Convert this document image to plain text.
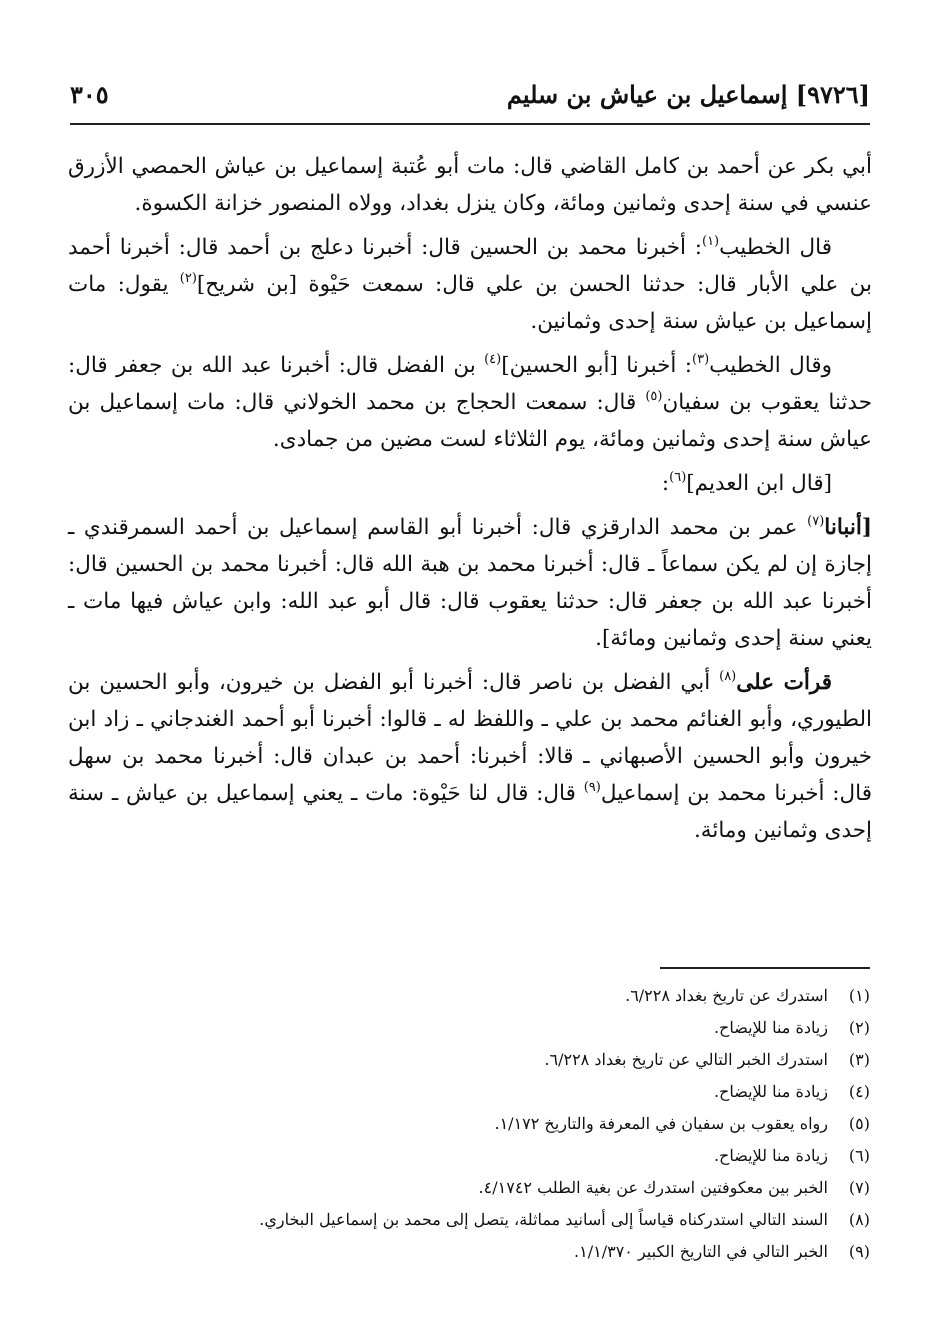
[٩٧٢٦] إسماعيل بن عياش بن سليم
٣٠٥

أبي بكر عن أحمد بن كامل القاضي قال: مات أبو عُتبة إسماعيل بن عياش الحمصي الأزرق عنسي في سنة إحدى وثمانين ومائة، وكان ينزل بغداد، وولاه المنصور خزانة الكسوة.

قال الخطيب$^{(١)}$: أخبرنا محمد بن الحسين قال: أخبرنا دعلج بن أحمد قال: أخبرنا أحمد بن علي الأبار قال: حدثنا الحسن بن علي قال: سمعت حَيْوة [بن شريح]$^{(٢)}$ يقول: مات إسماعيل بن عياش سنة إحدى وثمانين.

وقال الخطيب$^{(٣)}$: أخبرنا [أبو الحسين]$^{(٤)}$ بن الفضل قال: أخبرنا عبد الله بن جعفر قال: حدثنا يعقوب بن سفيان$^{(٥)}$ قال: سمعت الحجاج بن محمد الخولاني قال: مات إسماعيل بن عياش سنة إحدى وثمانين ومائة، يوم الثلاثاء لست مضين من جمادى.

[قال ابن العديم]$^{(٦)}$:

[أنبانا$^{(٧)}$ عمر بن محمد الدارقزي قال: أخبرنا أبو القاسم إسماعيل بن أحمد السمرقندي ـ إجازة إن لم يكن سماعاً ـ قال: أخبرنا محمد بن هبة الله قال: أخبرنا محمد بن الحسين قال: أخبرنا عبد الله بن جعفر قال: حدثنا يعقوب قال: قال أبو عبد الله: وابن عياش فيها مات ـ يعني سنة إحدى وثمانين ومائة].

قرأت على$^{(٨)}$ أبي الفضل بن ناصر قال: أخبرنا أبو الفضل بن خيرون، وأبو الحسين بن الطيوري، وأبو الغنائم محمد بن علي ـ واللفظ له ـ قالوا: أخبرنا أبو أحمد الغندجاني ـ زاد ابن خيرون وأبو الحسين الأصبهاني ـ قالا: أخبرنا: أحمد بن عبدان قال: أخبرنا محمد بن سهل قال: أخبرنا محمد بن إسماعيل$^{(٩)}$ قال: قال لنا حَيْوة: مات ـ يعني إسماعيل بن عياش ـ سنة إحدى وثمانين ومائة.

(١)
استدرك عن تاريخ بغداد ٦/٢٢٨.
(٢)
زيادة منا للإيضاح.
(٣)
استدرك الخبر التالي عن تاريخ بغداد ٦/٢٢٨.
(٤)
زيادة منا للإيضاح.
(٥)
رواه يعقوب بن سفيان في المعرفة والتاريخ ١/١٧٢.
(٦)
زيادة منا للإيضاح.
(٧)
الخبر بين معكوفتين استدرك عن بغية الطلب ٤/١٧٤٢.
(٨)
السند التالي استدركناه قياساً إلى أسانيد مماثلة، يتصل إلى محمد بن إسماعيل البخاري.
(٩)
الخبر التالي في التاريخ الكبير ١/١/٣٧٠.
